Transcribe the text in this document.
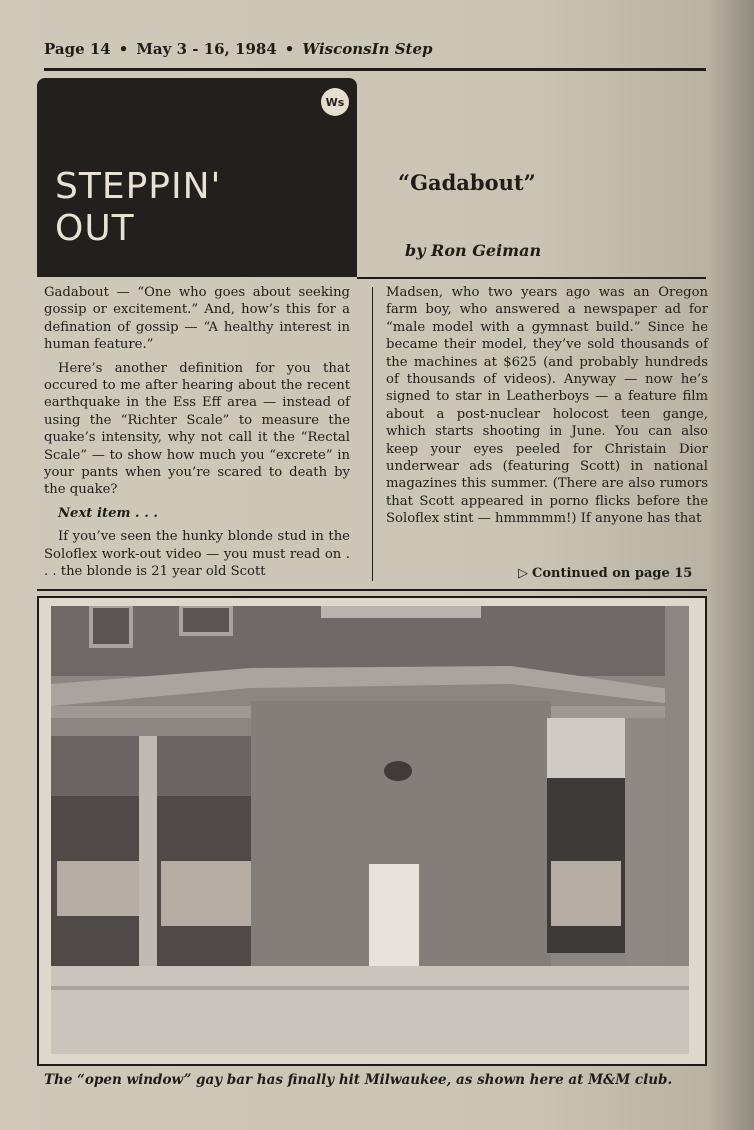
Page 14 • May 3 - 16, 1984 • WisconsIn Step
Ws
STEPPIN'
OUT
“Gadabout”
by Ron Geiman

Gadabout — “One who goes about seeking gossip or excitement.” And, how’s this for a defination of gossip — “A healthy interest in human feature.”

Here’s another definition for you that occured to me after hearing about the recent earthquake in the Ess Eff area — instead of using the “Richter Scale” to measure the quake’s intensity, why not call it the “Rectal Scale” — to show how much you “excrete” in your pants when you’re scared to death by the quake?

Next item . . .

If you’ve seen the hunky blonde stud in the Soloflex work-out video — you must read on . . . the blonde is 21 year old Scott

Madsen, who two years ago was an Oregon farm boy, who answered a newspaper ad for “male model with a gymnast build.” Since he became their model, they’ve sold thousands of the machines at $625 (and probably hundreds of thousands of videos). Anyway — now he’s signed to star in Leatherboys — a feature film about a post-nuclear holocost teen gange, which starts shooting in June. You can also keep your eyes peeled for Christain Dior underwear ads (featuring Scott) in national magazines this summer. (There are also rumors that Scott appeared in porno flicks before the Soloflex stint — hmmmmm!) If anyone has that

▷ Continued on page 15
The “open window” gay bar has finally hit Milwaukee, as shown here at M&M club.
